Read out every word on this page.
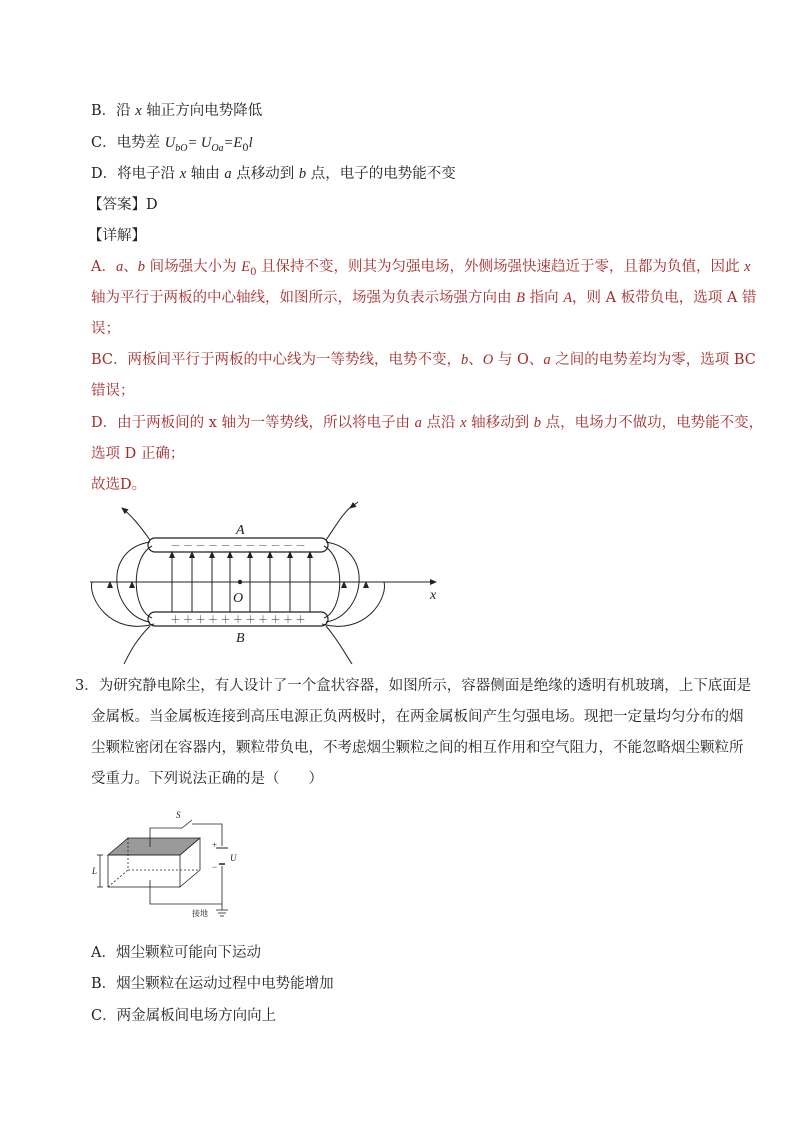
B．沿 x 轴正方向电势降低
C．电势差 $U_{bO}= U_{Oa}=E_0l$
D．将电子沿 x 轴由 a 点移动到 b 点，电子的电势能不变
【答案】D
【详解】
A．a、b 间场强大小为 $E_0$ 且保持不变，则其为匀强电场，外侧场强快速趋近于零，且都为负值，因此 x
轴为平行于两板的中心轴线，如图所示，场强为负表示场强方向由 B 指向 A，则 A 板带负电，选项 A 错
误；
BC．两板间平行于两板的中心线为一等势线，电势不变，b、O 与 O、a 之间的电势差均为零，选项 BC
错误；
D．由于两板间的 x 轴为一等势线，所以将电子由 a 点沿 x 轴移动到 b 点，电场力不做功，电势能不变，
选项 D 正确；
故选D。
－ － － － － － － － － － －
＋ ＋ ＋ ＋ ＋ ＋ ＋ ＋ ＋ ＋ ＋
A
B
x
O
3．为研究静电除尘，有人设计了一个盒状容器，如图所示，容器侧面是绝缘的透明有机玻璃，上下底面是
金属板。当金属板连接到高压电源正负两极时，在两金属板间产生匀强电场。现把一定量均匀分布的烟
尘颗粒密闭在容器内，颗粒带负电，不考虑烟尘颗粒之间的相互作用和空气阻力，不能忽略烟尘颗粒所
受重力。下列说法正确的是（　　）
S
+
−
U
L
接地
A．烟尘颗粒可能向下运动
B．烟尘颗粒在运动过程中电势能增加
C．两金属板间电场方向向上
